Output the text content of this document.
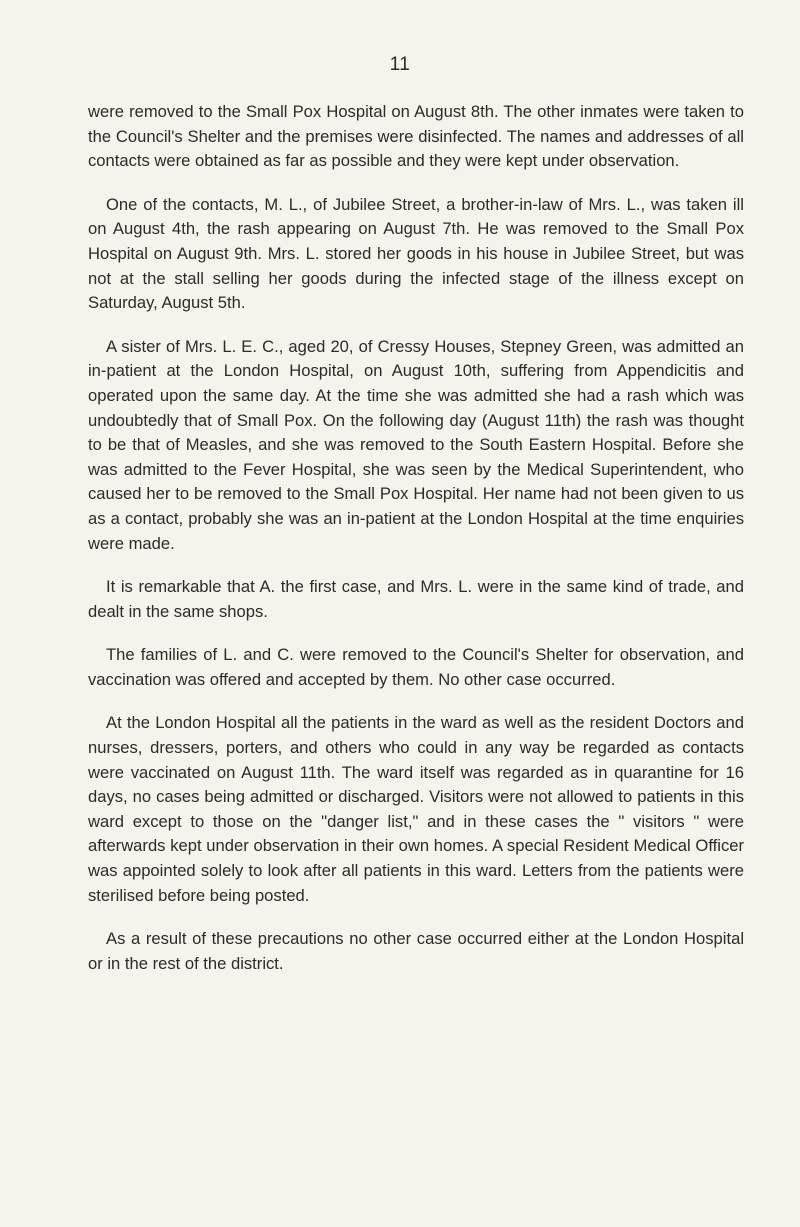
11

were removed to the Small Pox Hospital on August 8th. The other inmates were taken to the Council's Shelter and the premises were disinfected. The names and addresses of all contacts were obtained as far as possible and they were kept under observation.

One of the contacts, M. L., of Jubilee Street, a brother-in-law of Mrs. L., was taken ill on August 4th, the rash appearing on August 7th. He was removed to the Small Pox Hospital on August 9th. Mrs. L. stored her goods in his house in Jubilee Street, but was not at the stall selling her goods during the infected stage of the illness except on Saturday, August 5th.

A sister of Mrs. L. E. C., aged 20, of Cressy Houses, Stepney Green, was admitted an in-patient at the London Hospital, on August 10th, suffering from Appendicitis and operated upon the same day. At the time she was admitted she had a rash which was undoubtedly that of Small Pox. On the following day (August 11th) the rash was thought to be that of Measles, and she was removed to the South Eastern Hospital. Before she was admitted to the Fever Hospital, she was seen by the Medical Superintendent, who caused her to be removed to the Small Pox Hospital. Her name had not been given to us as a contact, probably she was an in-patient at the London Hospital at the time enquiries were made.

It is remarkable that A. the first case, and Mrs. L. were in the same kind of trade, and dealt in the same shops.

The families of L. and C. were removed to the Council's Shelter for observation, and vaccination was offered and accepted by them. No other case occurred.

At the London Hospital all the patients in the ward as well as the resident Doctors and nurses, dressers, porters, and others who could in any way be regarded as contacts were vaccinated on August 11th. The ward itself was regarded as in quarantine for 16 days, no cases being admitted or discharged. Visitors were not allowed to patients in this ward except to those on the "danger list," and in these cases the " visitors " were afterwards kept under observation in their own homes. A special Resident Medical Officer was appointed solely to look after all patients in this ward. Letters from the patients were sterilised before being posted.

As a result of these precautions no other case occurred either at the London Hospital or in the rest of the district.
